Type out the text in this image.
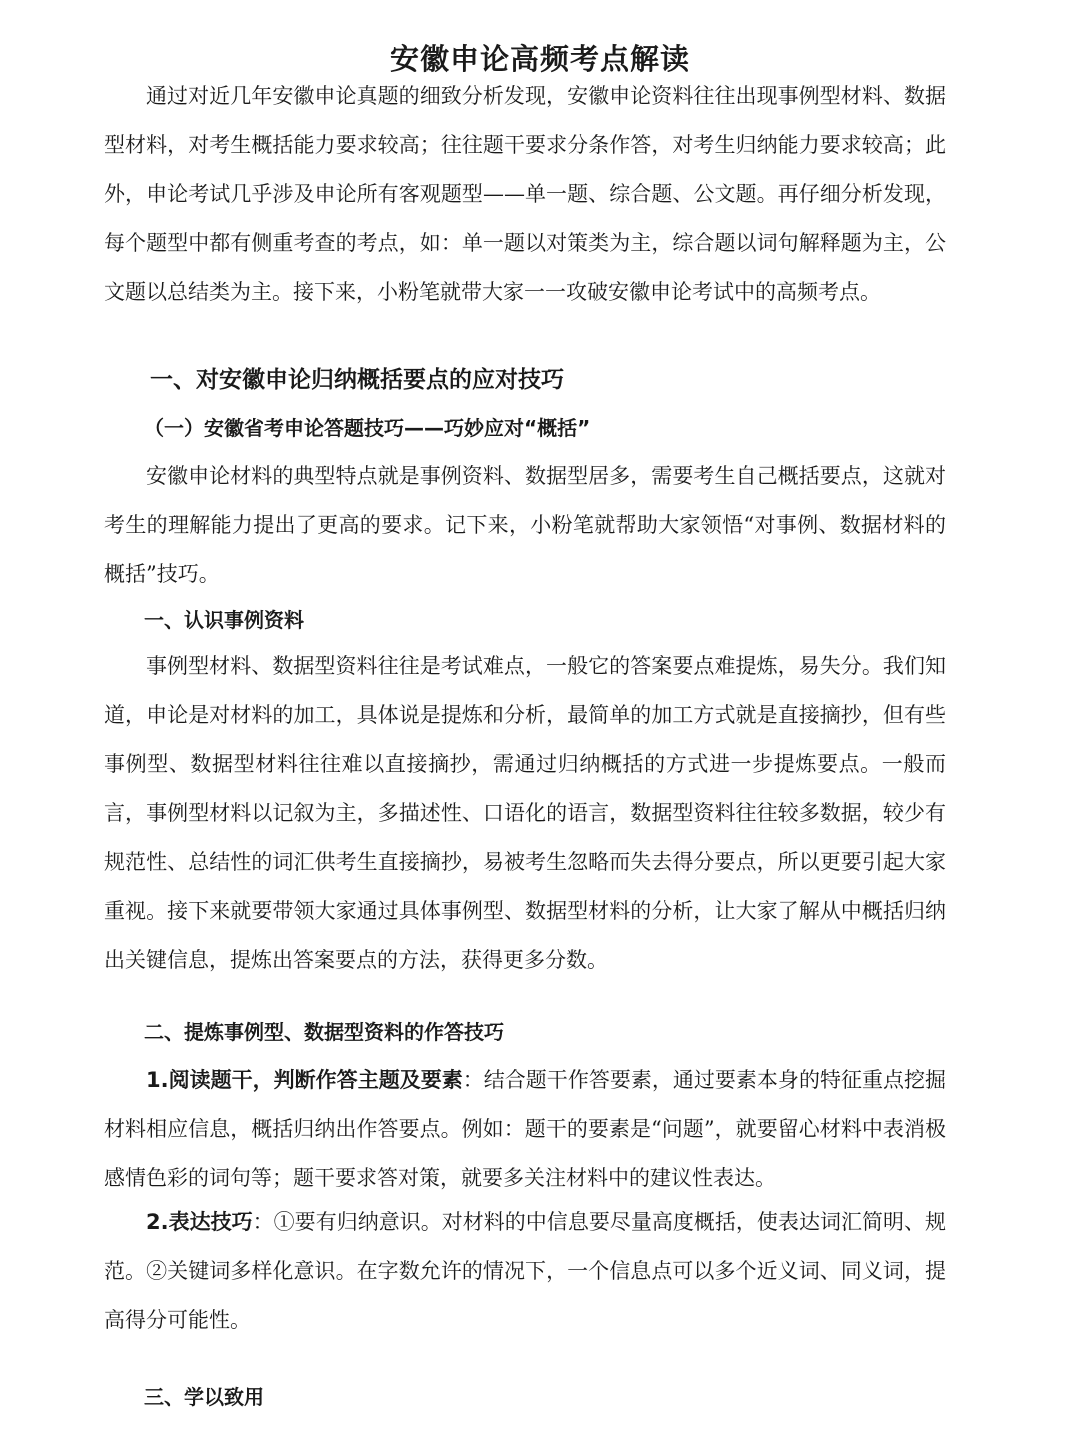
安徽申论高频考点解读

通过对近几年安徽申论真题的细致分析发现，安徽申论资料往往出现事例型材料、数据型材料，对考生概括能力要求较高；往往题干要求分条作答，对考生归纳能力要求较高；此外，申论考试几乎涉及申论所有客观题型——单一题、综合题、公文题。再仔细分析发现，每个题型中都有侧重考查的考点，如：单一题以对策类为主，综合题以词句解释题为主，公文题以总结类为主。接下来，小粉笔就带大家一一攻破安徽申论考试中的高频考点。

一、对安徽申论归纳概括要点的应对技巧
（一）安徽省考申论答题技巧——巧妙应对“概括”

安徽申论材料的典型特点就是事例资料、数据型居多，需要考生自己概括要点，这就对考生的理解能力提出了更高的要求。记下来，小粉笔就帮助大家领悟“对事例、数据材料的概括”技巧。

一、认识事例资料

事例型材料、数据型资料往往是考试难点，一般它的答案要点难提炼，易失分。我们知道，申论是对材料的加工，具体说是提炼和分析，最简单的加工方式就是直接摘抄，但有些事例型、数据型材料往往难以直接摘抄，需通过归纳概括的方式进一步提炼要点。一般而言，事例型材料以记叙为主，多描述性、口语化的语言，数据型资料往往较多数据，较少有规范性、总结性的词汇供考生直接摘抄，易被考生忽略而失去得分要点，所以更要引起大家重视。接下来就要带领大家通过具体事例型、数据型材料的分析，让大家了解从中概括归纳出关键信息，提炼出答案要点的方法，获得更多分数。

二、提炼事例型、数据型资料的作答技巧

1.阅读题干，判断作答主题及要素：结合题干作答要素，通过要素本身的特征重点挖掘材料相应信息，概括归纳出作答要点。例如：题干的要素是“问题”，就要留心材料中表消极感情色彩的词句等；题干要求答对策，就要多关注材料中的建议性表达。

2.表达技巧：①要有归纳意识。对材料的中信息要尽量高度概括，使表达词汇简明、规范。②关键词多样化意识。在字数允许的情况下，一个信息点可以多个近义词、同义词，提高得分可能性。

三、学以致用
